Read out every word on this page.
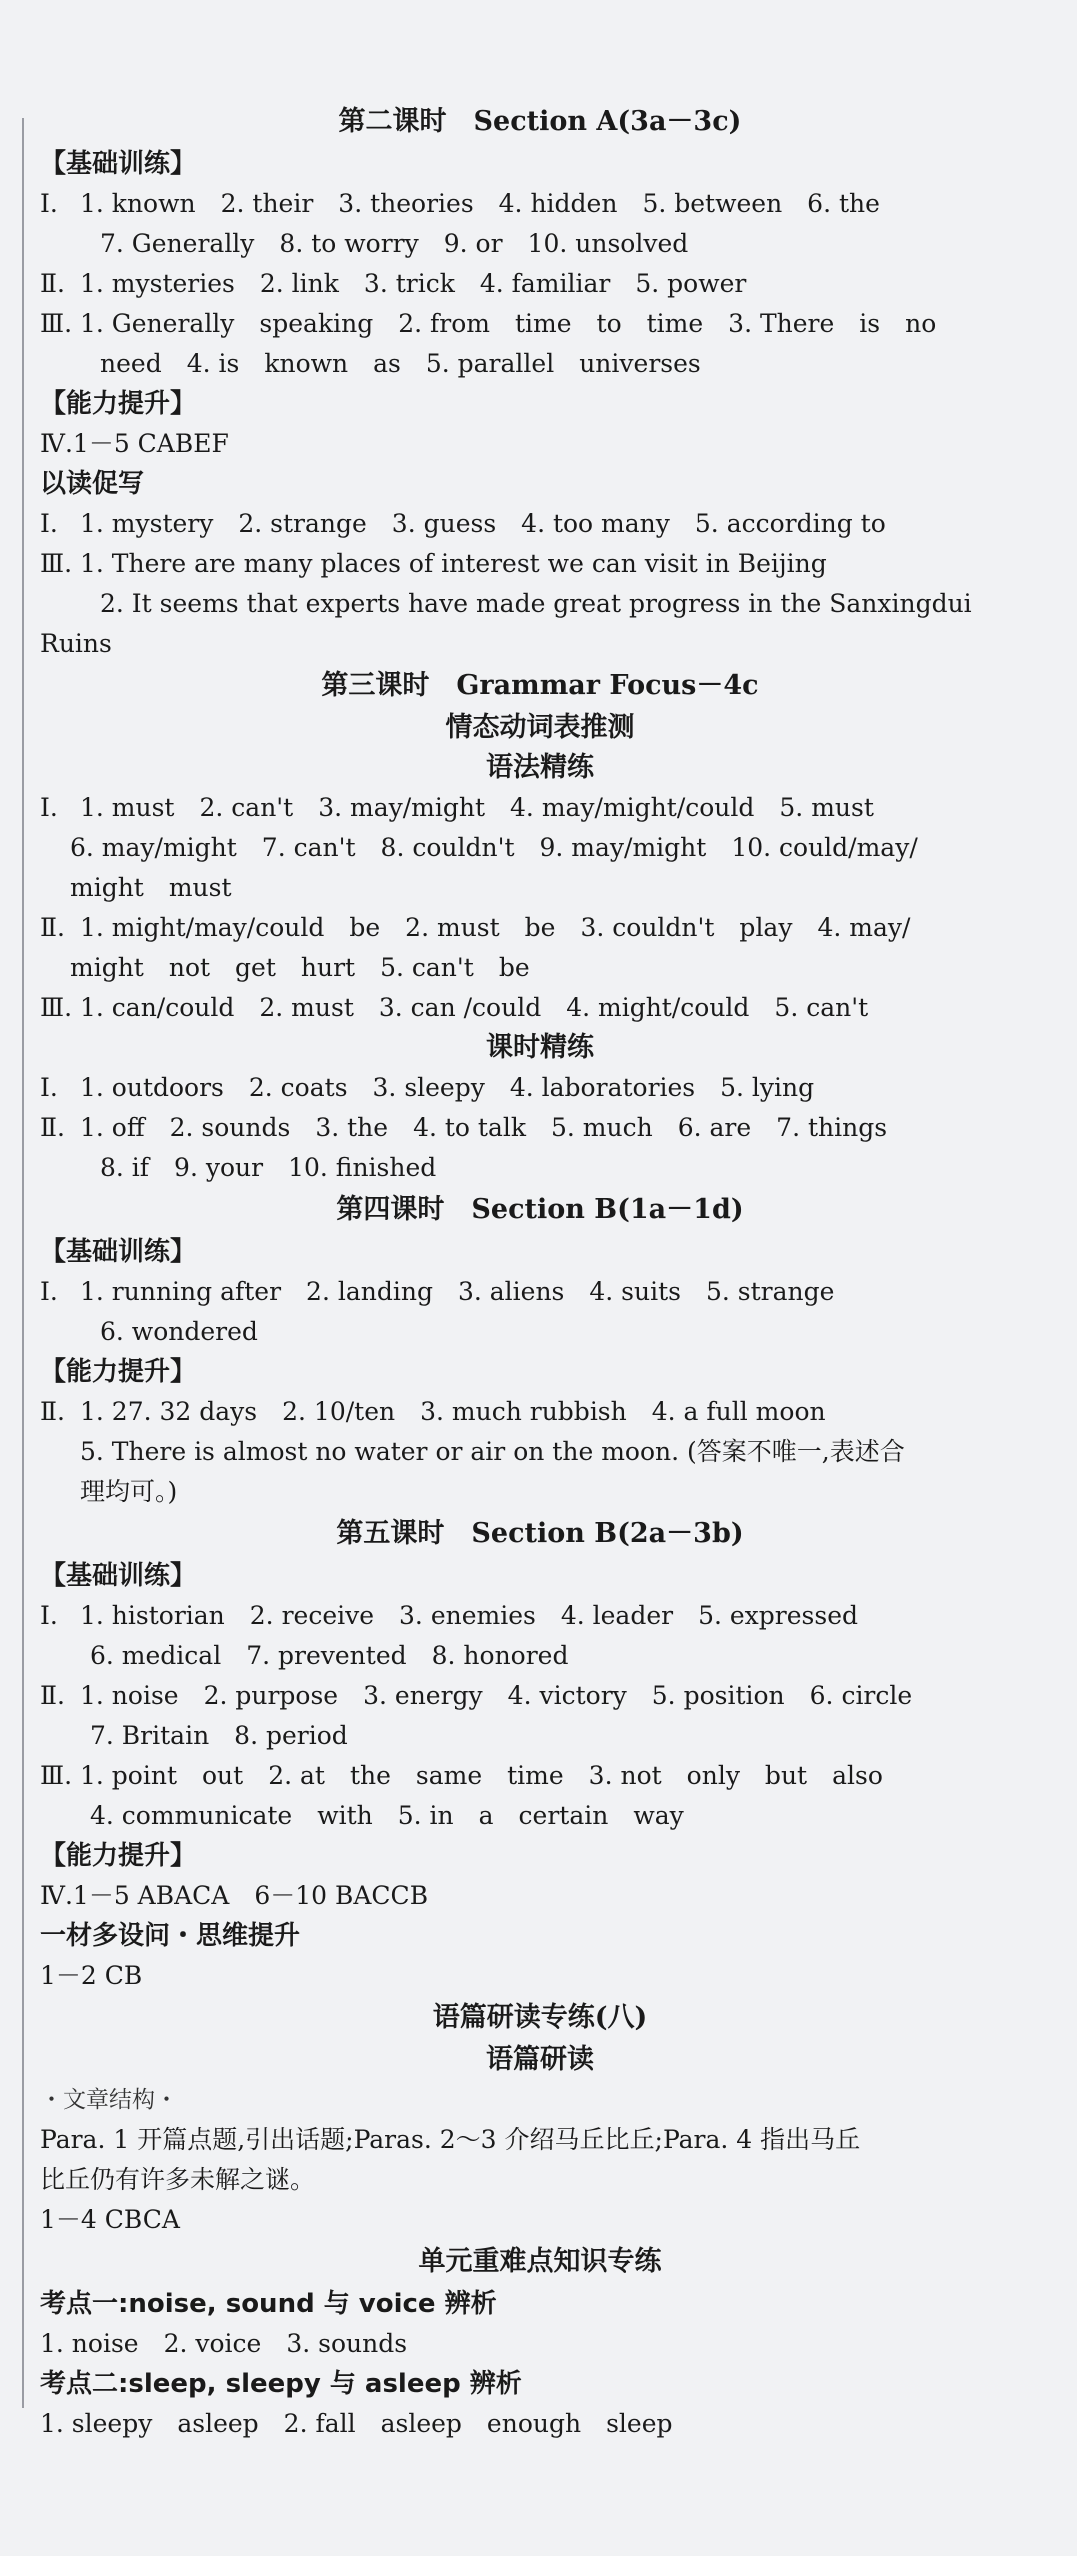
第二课时　Section A(3a－3c)
【基础训练】
Ⅰ. 1. known　2. their　3. theories　4. hidden　5. between　6. the
7. Generally　8. to worry　9. or　10. unsolved
Ⅱ. 1. mysteries　2. link　3. trick　4. familiar　5. power
Ⅲ. 1. Generally　speaking　2. from　time　to　time　3. There　is　no
need　4. is　known　as　5. parallel　universes
【能力提升】
Ⅳ.1－5 CABEF
以读促写
Ⅰ. 1. mystery　2. strange　3. guess　4. too many　5. according to
Ⅲ. 1. There are many places of interest we can visit in Beijing
2. It seems that experts have made great progress in the Sanxingdui
Ruins
第三课时　Grammar Focus－4c
情态动词表推测
语法精练
Ⅰ. 1. must　2. can't　3. may/might　4. may/might/could　5. must
6. may/might　7. can't　8. couldn't　9. may/might　10. could/may/
might　must
Ⅱ. 1. might/may/could　be　2. must　be　3. couldn't　play　4. may/
might　not　get　hurt　5. can't　be
Ⅲ. 1. can/could　2. must　3. can /could　4. might/could　5. can't
课时精练
Ⅰ. 1. outdoors　2. coats　3. sleepy　4. laboratories　5. lying
Ⅱ. 1. off　2. sounds　3. the　4. to talk　5. much　6. are　7. things
8. if　9. your　10. finished
第四课时　Section B(1a－1d)
【基础训练】
Ⅰ. 1. running after　2. landing　3. aliens　4. suits　5. strange
6. wondered
【能力提升】
Ⅱ. 1. 27. 32 days　2. 10/ten　3. much rubbish　4. a full moon
5. There is almost no water or air on the moon. (答案不唯一,表述合
理均可。)
第五课时　Section B(2a－3b)
【基础训练】
Ⅰ. 1. historian　2. receive　3. enemies　4. leader　5. expressed
6. medical　7. prevented　8. honored
Ⅱ. 1. noise　2. purpose　3. energy　4. victory　5. position　6. circle
7. Britain　8. period
Ⅲ. 1. point　out　2. at　the　same　time　3. not　only　but　also
4. communicate　with　5. in　a　certain　way
【能力提升】
Ⅳ.1－5 ABACA　6－10 BACCB
一材多设问・思维提升
1－2 CB
语篇研读专练(八)
语篇研读
・文章结构・
Para. 1 开篇点题,引出话题;Paras. 2～3 介绍马丘比丘;Para. 4 指出马丘
比丘仍有许多未解之谜。
1－4 CBCA
单元重难点知识专练
考点一:noise, sound 与 voice 辨析
1. noise　2. voice　3. sounds
考点二:sleep, sleepy 与 asleep 辨析
1. sleepy　asleep　2. fall　asleep　enough　sleep
